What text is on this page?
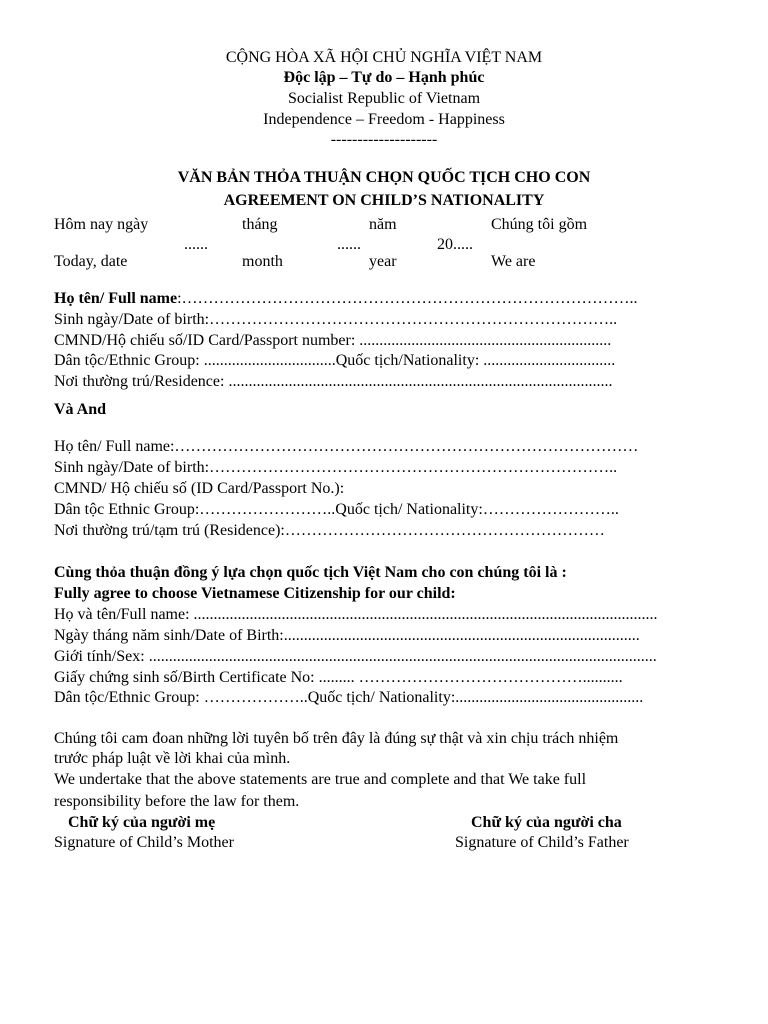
CỘNG HÒA XÃ HỘI CHỦ NGHĨA VIỆT NAM
Độc lập – Tự do – Hạnh phúc
Socialist Republic of Vietnam
Independence – Freedom - Happiness
--------------------
VĂN BẢN THỎA THUẬN CHỌN QUỐC TỊCH CHO CON
AGREEMENT ON CHILD’S NATIONALITY
Hôm nay ngày	tháng	năm	Chúng tôi gồm
......	......	20.....
Today, date	month	year	We are
Họ tên/ Full name:…………………………………………………………………………..
Sinh ngày/Date of birth:…………………………………………………………………..
CMND/Hộ chiếu số/ID Card/Passport number: ...............................................................
Dân tộc/Ethnic Group: .................................Quốc tịch/Nationality: .................................
Nơi thường trú/Residence: ................................................................................................
Và And
Họ tên/ Full name:……………………………………………………………………………
Sinh ngày/Date of birth:…………………………………………………………………..
CMND/ Hộ chiếu số (ID Card/Passport No.):
Dân tộc Ethnic Group:……………………..Quốc tịch/ Nationality:……………………..
Nơi thường trú/tạm trú (Residence):……………………………………………………
Cùng thỏa thuận đồng ý lựa chọn quốc tịch Việt Nam cho con chúng tôi là :
Fully agree to choose Vietnamese Citizenship for our child:
Họ và tên/Full name: ....................................................................................................................
Ngày tháng năm sinh/Date of Birth:.........................................................................................
Giới tính/Sex: ...............................................................................................................................
Giấy chứng sinh số/Birth Certificate No: ......... ……………………………………..........
Dân tộc/Ethnic Group: ………………..Quốc tịch/ Nationality:...............................................
Chúng tôi cam đoan những lời tuyên bố trên đây là đúng sự thật và xin chịu trách nhiệm
trước pháp luật về lời khai của mình.
We undertake that the above statements are true and complete and that We take full
responsibility before the law for them.
Chữ ký của người mẹ	Chữ ký của người cha
Signature of Child’s Mother	Signature of Child’s Father
